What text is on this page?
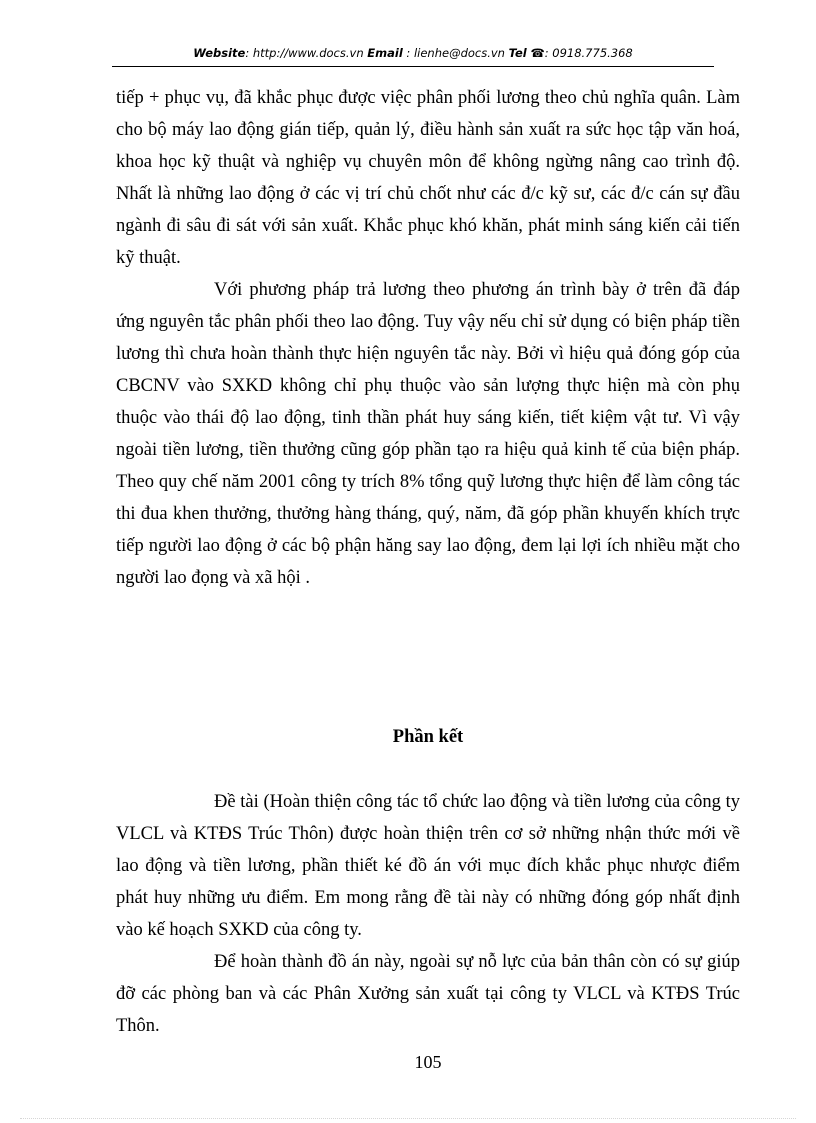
Website: http://www.docs.vn Email : lienhe@docs.vn Tel ☎: 0918.775.368

tiếp + phục vụ, đã khắc phục được việc phân phối lương theo chủ nghĩa quân. Làm cho bộ máy lao động gián tiếp, quản lý, điều hành sản xuất ra sức học tập văn hoá, khoa học kỹ thuật và nghiệp vụ chuyên môn để không ngừng nâng cao trình độ. Nhất là những lao động ở các vị trí chủ chốt như các đ/c kỹ sư, các đ/c cán sự đầu ngành đi sâu đi sát với sản xuất. Khắc phục khó khăn, phát minh sáng kiến cải tiến kỹ thuật.

Với phương pháp trả lương theo phương án trình bày ở trên đã đáp ứng nguyên tắc phân phối theo lao động. Tuy vậy nếu chỉ sử dụng có biện pháp tiền lương thì chưa hoàn thành thực hiện nguyên tắc này. Bởi vì hiệu quả đóng góp của CBCNV vào SXKD không chỉ phụ thuộc vào sản lượng thực hiện mà còn phụ thuộc vào thái độ lao động, tinh thần phát huy sáng kiến, tiết kiệm vật tư. Vì vậy ngoài tiền lương, tiền thưởng cũng góp phần tạo ra hiệu quả kinh tế của biện pháp. Theo quy chế năm 2001 công ty trích 8% tổng quỹ lương thực hiện để làm công tác thi đua khen thưởng, thưởng hàng tháng, quý, năm, đã góp phần khuyến khích trực tiếp người lao động ở các bộ phận hăng say lao động, đem lại lợi ích nhiều mặt cho người lao đọng và xã hội .

Phần kết

Đề tài (Hoàn thiện công tác tổ chức lao động và tiền lương của công ty VLCL và KTĐS Trúc Thôn) được hoàn thiện trên cơ sở những nhận thức mới về lao động và tiền lương, phần thiết ké đồ án với mục đích khắc phục nhược điểm phát huy những ưu điểm. Em mong rằng đề tài này có những đóng góp nhất định vào kế hoạch SXKD của công ty.

Để hoàn thành đồ án này, ngoài sự nỗ lực của bản thân còn có sự giúp đỡ các phòng ban và các Phân Xưởng sản xuất tại công ty VLCL và KTĐS Trúc Thôn.

105
